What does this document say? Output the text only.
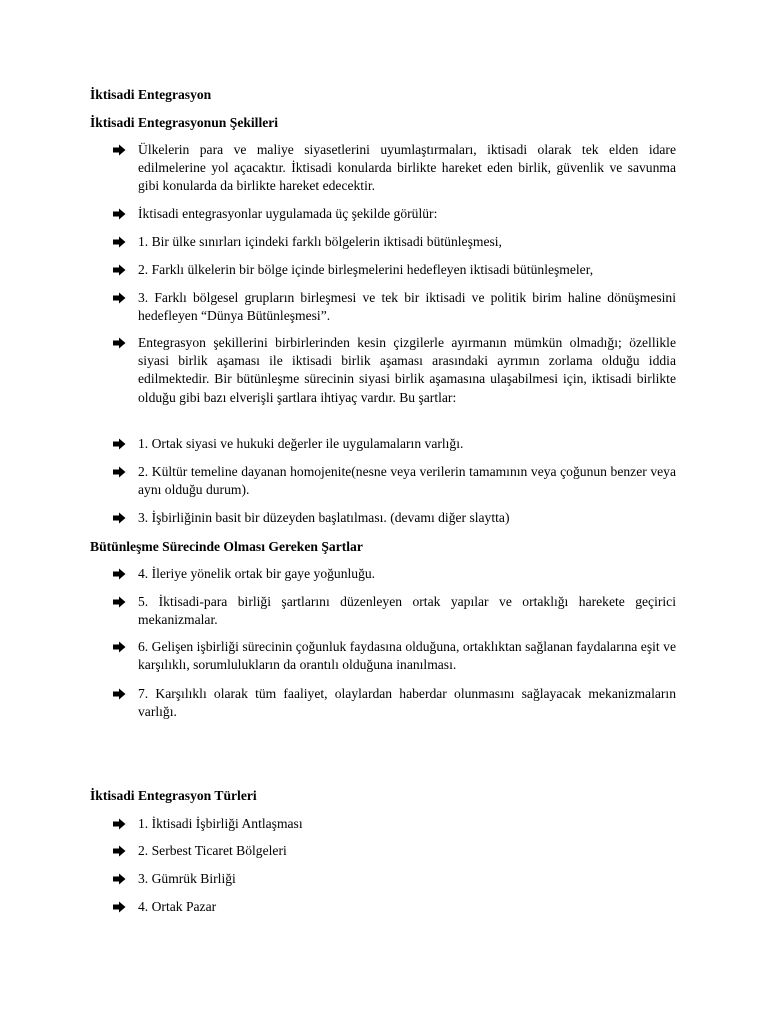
İktisadi Entegrasyon
İktisadi Entegrasyonun Şekilleri
Ülkelerin para ve maliye siyasetlerini uyumlaştırmaları, iktisadi olarak tek elden idare edilmelerine yol açacaktır. İktisadi konularda birlikte hareket eden birlik, güvenlik ve savunma gibi konularda da birlikte hareket edecektir.
İktisadi entegrasyonlar uygulamada üç şekilde görülür:
1. Bir ülke sınırları içindeki farklı bölgelerin iktisadi bütünleşmesi,
2. Farklı ülkelerin bir bölge içinde birleşmelerini hedefleyen iktisadi bütünleşmeler,
3. Farklı bölgesel grupların birleşmesi ve tek bir iktisadi ve politik birim haline dönüşmesini hedefleyen “Dünya Bütünleşmesi”.
Entegrasyon şekillerini birbirlerinden kesin çizgilerle ayırmanın mümkün olmadığı; özellikle siyasi birlik aşaması ile iktisadi birlik aşaması arasındaki ayrımın zorlama olduğu iddia edilmektedir. Bir bütünleşme sürecinin siyasi birlik aşamasına ulaşabilmesi için, iktisadi birlikte olduğu gibi bazı elverişli şartlara ihtiyaç vardır. Bu şartlar:
1. Ortak siyasi ve hukuki değerler ile uygulamaların varlığı.
2. Kültür temeline dayanan homojenite(nesne veya verilerin tamamının veya çoğunun benzer veya aynı olduğu durum).
3. İşbirliğinin basit bir düzeyden başlatılması. (devamı diğer slaytta)
Bütünleşme Sürecinde Olması Gereken Şartlar
4. İleriye yönelik ortak bir gaye yoğunluğu.
5. İktisadi-para birliği şartlarını düzenleyen ortak yapılar ve ortaklığı harekete geçirici mekanizmalar.
6. Gelişen işbirliği sürecinin çoğunluk faydasına olduğuna, ortaklıktan sağlanan faydalarına eşit ve karşılıklı, sorumlulukların da orantılı olduğuna inanılması.
7. Karşılıklı olarak tüm faaliyet, olaylardan haberdar olunmasını sağlayacak mekanizmaların varlığı.
İktisadi Entegrasyon Türleri
1. İktisadi İşbirliği Antlaşması
2. Serbest Ticaret Bölgeleri
3. Gümrük Birliği
4. Ortak Pazar
